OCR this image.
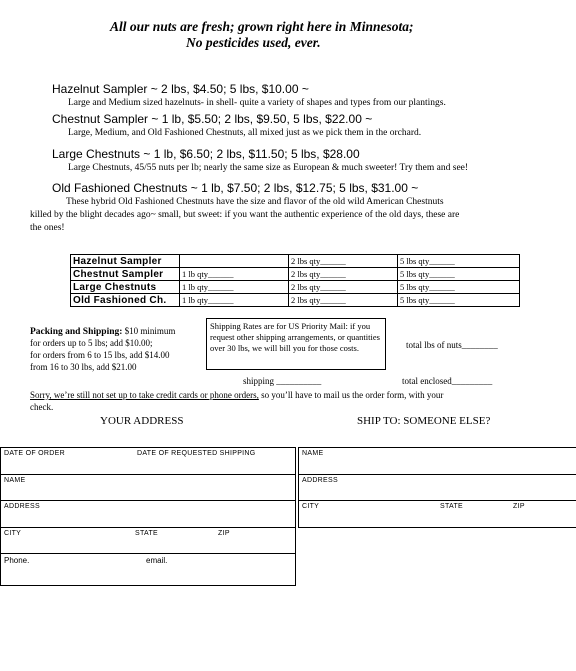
All our nuts are fresh; grown right here in Minnesota;
No pesticides used, ever.
Hazelnut Sampler ~ 2 lbs, $4.50; 5 lbs, $10.00 ~
Large and Medium sized hazelnuts- in shell- quite a variety of shapes and types from our plantings.
Chestnut Sampler ~ 1 lb, $5.50; 2 lbs, $9.50, 5 lbs, $22.00 ~
Large, Medium, and Old Fashioned Chestnuts, all mixed just as we pick them in the orchard.
Large Chestnuts ~ 1 lb, $6.50; 2 lbs, $11.50; 5 lbs, $28.00
Large Chestnuts, 45/55 nuts per lb; nearly the same size as European & much sweeter! Try them and see!
Old Fashioned Chestnuts ~ 1 lb, $7.50; 2 lbs, $12.75; 5 lbs, $31.00 ~
These hybrid Old Fashioned Chestnuts have the size and flavor of the old wild American Chestnuts
killed by the blight decades ago~ small, but sweet: if you want the authentic experience of the old days, these are
the ones!
Hazelnut Sampler		2 lbs qty______	5 lbs qty______
Chestnut Sampler	1 lb qty______	2 lbs qty______	5 lbs qty______
Large Chestnuts	1 lb qty______	2 lbs qty______	5 lbs qty______
Old Fashioned Ch.	1 lb qty______	2 lbs qty______	5 lbs qty______
Packing and Shipping: $10 minimum
for orders up to 5 lbs; add $10.00;
for orders from 6 to 15 lbs, add $14.00
from 16 to 30 lbs, add $21.00
Shipping Rates are for US Priority Mail: if you request other shipping arrangements, or quantities over 30 lbs, we will bill you for those costs.	total lbs of nuts________
shipping __________	total enclosed_________
Sorry, we’re still not set up to take credit cards or phone orders, so you’ll have to mail us the order form, with your
check.
YOUR ADDRESS	SHIP TO: SOMEONE ELSE?
DATE OF ORDER	DATE OF REQUESTED SHIPPING
NAME
ADDRESS
CITY	STATE	ZIP
Phone.	email.
NAME
ADDRESS
CITY	STATE	ZIP
